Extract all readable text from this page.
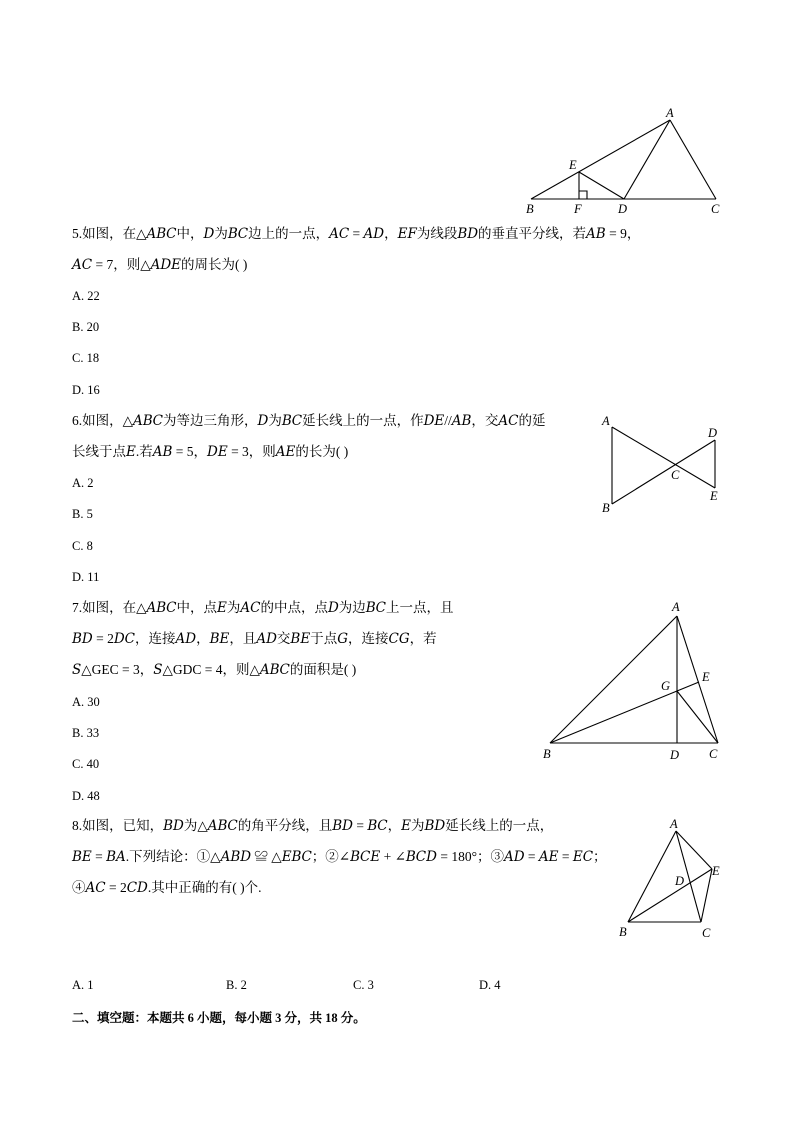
A
E
B	F	D	C
5.如图，在△𝐴𝐵𝐶中，𝐷为𝐵𝐶边上的一点，𝐴𝐶 = 𝐴𝐷，𝐸𝐹为线段𝐵𝐷的垂直平分线，若𝐴𝐵 = 9，
𝐴𝐶 = 7，则△𝐴𝐷𝐸的周长为( )
A. 22
B. 20
C. 18
D. 16
A
D
C
E
B
6.如图，△𝐴𝐵𝐶为等边三角形，𝐷为𝐵𝐶延长线上的一点，作𝐷𝐸//𝐴𝐵，交𝐴𝐶的延
长线于点𝐸.若𝐴𝐵 = 5，𝐷𝐸 = 3，则𝐴𝐸的长为( )
A. 2
B. 5
C. 8
D. 11
A
E
G
B	D C
7.如图，在△𝐴𝐵𝐶中，点𝐸为𝐴𝐶的中点，点𝐷为边𝐵𝐶上一点，且
𝐵𝐷 = 2𝐷𝐶，连接𝐴𝐷，𝐵𝐸，且𝐴𝐷交𝐵𝐸于点𝐺，连接𝐶𝐺，若
𝑆△GEC = 3，𝑆△GDC = 4，则△𝐴𝐵𝐶的面积是( )
A. 30
B. 33
C. 40
D. 48
A
E
D
B	C
8.如图，已知，𝐵𝐷为△𝐴𝐵𝐶的角平分线，且𝐵𝐷 = 𝐵𝐶，𝐸为𝐵𝐷延长线上的一点，
𝐵𝐸 = 𝐵𝐴.下列结论：①△𝐴𝐵𝐷 ≌ △𝐸𝐵𝐶；②∠𝐵𝐶𝐸 + ∠𝐵𝐶𝐷 = 180°；③𝐴𝐷 = 𝐴𝐸 = 𝐸𝐶；
④𝐴𝐶 = 2𝐶𝐷.其中正确的有( )个.
A. 1	B. 2	C. 3	D. 4
二、填空题：本题共 6 小题，每小题 3 分，共 18 分。
